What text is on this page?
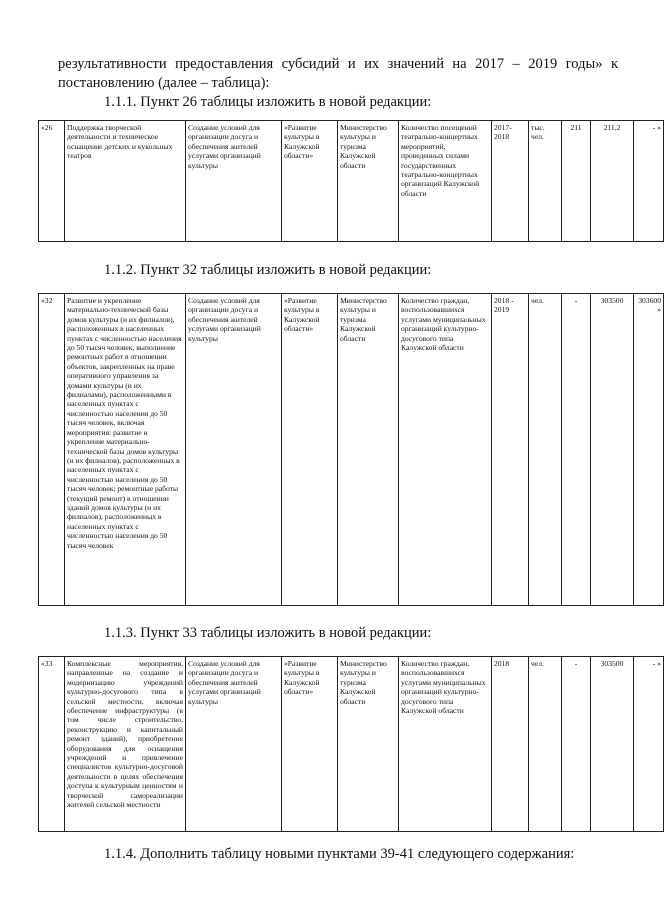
результативности предоставления субсидий и их значений на 2017 – 2019 годы» к постановлению (далее – таблица):
1.1.1. Пункт 26 таблицы изложить в новой редакции:
«26	Поддержка творческой деятельности и техническое оснащение детских и кукольных театров	Создание условий для организации досуга и обеспечения жителей услугами организаций культуры	«Развитие культуры в Калужской области»	Министерство культуры и туризма Калужской области	Количество посещений театрально-концертных мероприятий, проведенных силами государственных театрально-концертных организаций Калужской области	2017-2018	тыс. чел.	211	211,2	- »
1.1.2. Пункт 32 таблицы изложить в новой редакции:
«32	Развитие и укрепление материально-технической базы домов культуры (и их филиалов), расположенных в населенных пунктах с численностью населения до 50 тысяч человек, выполнение ремонтных работ в отношении объектов, закрепленных на праве оперативного управления за домами культуры (и их филиалами), расположенными в населенных пунктах с численностью населения до 50 тысяч человек, включая мероприятия: развитие и укрепление материально-технической базы домов культуры (и их филиалов), расположенных в населенных пунктах с численностью населения до 50 тысяч человек; ремонтные работы (текущий ремонт) в отношении зданий домов культуры (и их филиалов), расположенных в населенных пунктах с численностью населения до 50 тысяч человек	Создание условий для организации досуга и обеспечения жителей услугами организаций культуры	«Развитие культуры в Калужской области»	Министерство культуры и туризма Калужской области	Количество граждан, воспользовавшихся услугами муниципальных организаций культурно-досугового типа Калужской области	2018 - 2019	чел.	-	303500	303600»
1.1.3. Пункт 33 таблицы изложить в новой редакции:
«33	Комплексные мероприятия, направленные на создание и модернизацию учреждений культурно-досугового типа в сельской местности, включая обеспечение инфраструктуры (в том числе строительство, реконструкцию и капитальный ремонт зданий), приобретение оборудования для оснащения учреждений и привлечение специалистов культурно-досуговой деятельности в целях обеспечения доступа к культурным ценностям и творческой самореализации жителей сельской местности	Создание условий для организации досуга и обеспечения жителей услугами организаций культуры	«Развитие культуры в Калужской области»	Министерство культуры и туризма Калужской области	Количество граждан, воспользовавшихся услугами муниципальных организаций культурно-досугового типа Калужской области	2018	чел.	-	303500	- »
1.1.4. Дополнить таблицу новыми пунктами 39-41 следующего содержания:
